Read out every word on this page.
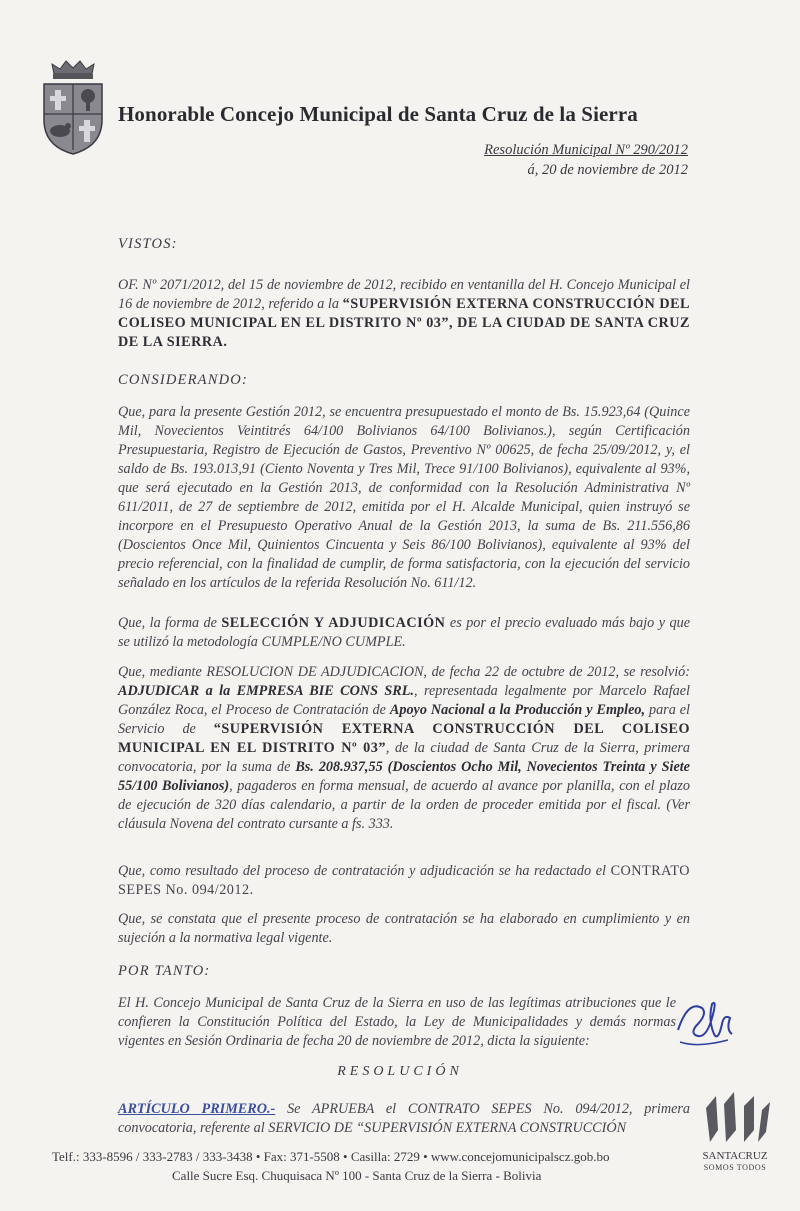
Honorable Concejo Municipal de Santa Cruz de la Sierra
Resolución Municipal Nº 290/2012
á, 20 de noviembre de 2012
VISTOS:
OF. Nº 2071/2012, del 15 de noviembre de 2012, recibido en ventanilla del H. Concejo Municipal el 16 de noviembre de 2012, referido a la “SUPERVISIÓN EXTERNA CONSTRUCCIÓN DEL COLISEO MUNICIPAL EN EL DISTRITO Nº 03”, DE LA CIUDAD DE SANTA CRUZ DE LA SIERRA.
CONSIDERANDO:
Que, para la presente Gestión 2012, se encuentra presupuestado el monto de Bs. 15.923,64 (Quince Mil, Novecientos Veintitrés 64/100 Bolivianos 64/100 Bolivianos.), según Certificación Presupuestaria, Registro de Ejecución de Gastos, Preventivo Nº 00625, de fecha 25/09/2012, y, el saldo de Bs. 193.013,91 (Ciento Noventa y Tres Mil, Trece 91/100 Bolivianos), equivalente al 93%, que será ejecutado en la Gestión 2013, de conformidad con la Resolución Administrativa Nº 611/2011, de 27 de septiembre de 2012, emitida por el H. Alcalde Municipal, quien instruyó se incorpore en el Presupuesto Operativo Anual de la Gestión 2013, la suma de Bs. 211.556,86 (Doscientos Once Mil, Quinientos Cincuenta y Seis 86/100 Bolivianos), equivalente al 93% del precio referencial, con la finalidad de cumplir, de forma satisfactoria, con la ejecución del servicio señalado en los artículos de la referida Resolución No. 611/12.
Que, la forma de SELECCIÓN Y ADJUDICACIÓN es por el precio evaluado más bajo y que se utilizó la metodología CUMPLE/NO CUMPLE.
Que, mediante RESOLUCION DE ADJUDICACION, de fecha 22 de octubre de 2012, se resolvió: ADJUDICAR a la EMPRESA BIE CONS SRL., representada legalmente por Marcelo Rafael González Roca, el Proceso de Contratación de Apoyo Nacional a la Producción y Empleo, para el Servicio de “SUPERVISIÓN EXTERNA CONSTRUCCIÓN DEL COLISEO MUNICIPAL EN EL DISTRITO Nº 03”, de la ciudad de Santa Cruz de la Sierra, primera convocatoria, por la suma de Bs. 208.937,55 (Doscientos Ocho Mil, Novecientos Treinta y Siete 55/100 Bolivianos), pagaderos en forma mensual, de acuerdo al avance por planilla, con el plazo de ejecución de 320 días calendario, a partir de la orden de proceder emitida por el fiscal. (Ver cláusula Novena del contrato cursante a fs. 333.
Que, como resultado del proceso de contratación y adjudicación se ha redactado el CONTRATO SEPES No. 094/2012.
Que, se constata que el presente proceso de contratación se ha elaborado en cumplimiento y en sujeción a la normativa legal vigente.
POR TANTO:
El H. Concejo Municipal de Santa Cruz de la Sierra en uso de las legítimas atribuciones que le confieren la Constitución Política del Estado, la Ley de Municipalidades y demás normas vigentes en Sesión Ordinaria de fecha 20 de noviembre de 2012, dicta la siguiente:
RESOLUCIÓN
ARTÍCULO PRIMERO.- Se APRUEBA el CONTRATO SEPES No. 094/2012, primera convocatoria, referente al SERVICIO DE “SUPERVISIÓN EXTERNA CONSTRUCCIÓN
Telf.: 333-8596 / 333-2783 / 333-3438 • Fax: 371-5508 • Casilla: 2729 • www.concejomunicipalscz.gob.bo
Calle Sucre Esq. Chuquisaca Nº 100 - Santa Cruz de la Sierra - Bolivia
SANTACRUZ
SOMOS TODOS
